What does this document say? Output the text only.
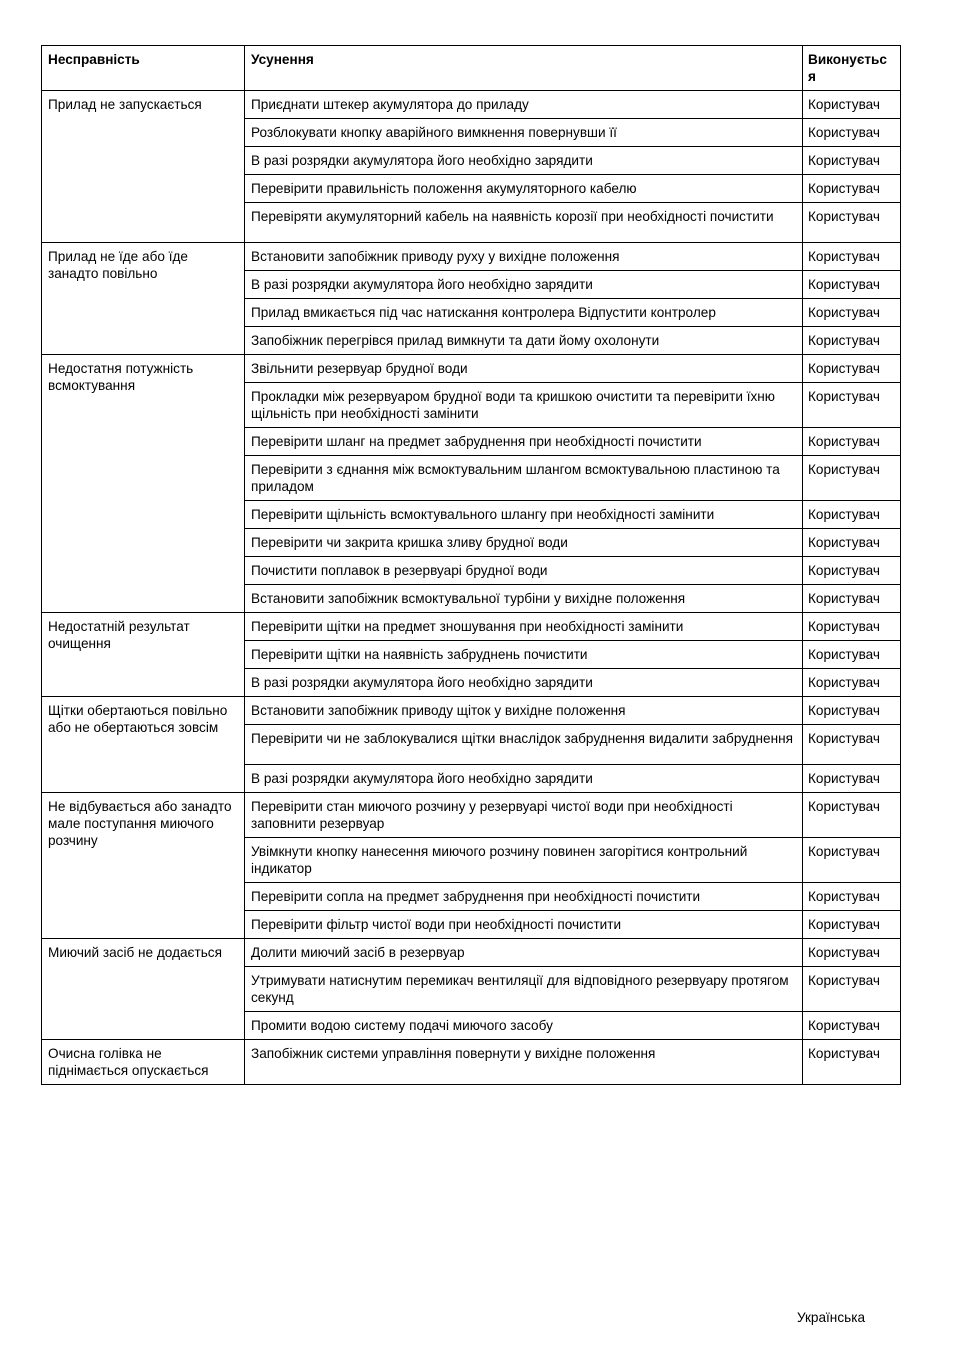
Несправність	Усунення	Виконуєтьс я

Прилад не запускається	Приєднати штекер акумулятора до приладу	Користувач

	Розблокувати кнопку аварійного вимкнення повернувши її	Користувач

	В разі розрядки акумулятора його необхідно зарядити	Користувач

	Перевірити правильність положення акумуляторного кабелю	Користувач

	Перевіряти акумуляторний кабель на наявність корозії при необхідності почистити	Користувач

Прилад не їде або їде занадто повільно	Встановити запобіжник приводу руху у вихідне положення	Користувач

	В разі розрядки акумулятора його необхідно зарядити	Користувач

	Прилад вмикається під час натискання контролера Відпустити контролер	Користувач

	Запобіжник перегрівся прилад вимкнути та дати йому охолонути	Користувач

Недостатня потужність всмоктування	Звільнити резервуар брудної води	Користувач

	Прокладки між резервуаром брудної води та кришкою очистити та перевірити їхню щільність при необхідності замінити	Користувач

	Перевірити шланг на предмет забруднення при необхідності почистити	Користувач

	Перевірити з єднання між всмоктувальним шлангом всмоктувальною пластиною та приладом	Користувач

	Перевірити щільність всмоктувального шлангу при необхідності замінити	Користувач

	Перевірити чи закрита кришка зливу брудної води	Користувач

	Почистити поплавок в резервуарі брудної води	Користувач

	Встановити запобіжник всмоктувальної турбіни у вихідне положення	Користувач

Недостатній результат очищення	Перевірити щітки на предмет зношування при необхідності замінити	Користувач

	Перевірити щітки на наявність забруднень почистити	Користувач

	В разі розрядки акумулятора його необхідно зарядити	Користувач

Щітки обертаються повільно або не обертаються зовсім	Встановити запобіжник приводу щіток у вихідне положення	Користувач

	Перевірити чи не заблокувалися щітки внаслідок забруднення видалити забруднення	Користувач

	В разі розрядки акумулятора його необхідно зарядити	Користувач

Не відбувається або занадто мале поступання миючого розчину	Перевірити стан миючого розчину у резервуарі чистої води при необхідності заповнити резервуар	Користувач

	Увімкнути кнопку нанесення миючого розчину повинен загорітися контрольний індикатор	Користувач

	Перевірити сопла на предмет забруднення при необхідності почистити	Користувач

	Перевірити фільтр чистої води при необхідності почистити	Користувач

Миючий засіб не додається	Долити миючий засіб в резервуар	Користувач

	Утримувати натиснутим перемикач вентиляції для відповідного резервуару протягом секунд	Користувач

	Промити водою систему подачі миючого засобу	Користувач

Очисна голівка не піднімається опускається	Запобіжник системи управління повернути у вихідне положення	Користувач
Українська
